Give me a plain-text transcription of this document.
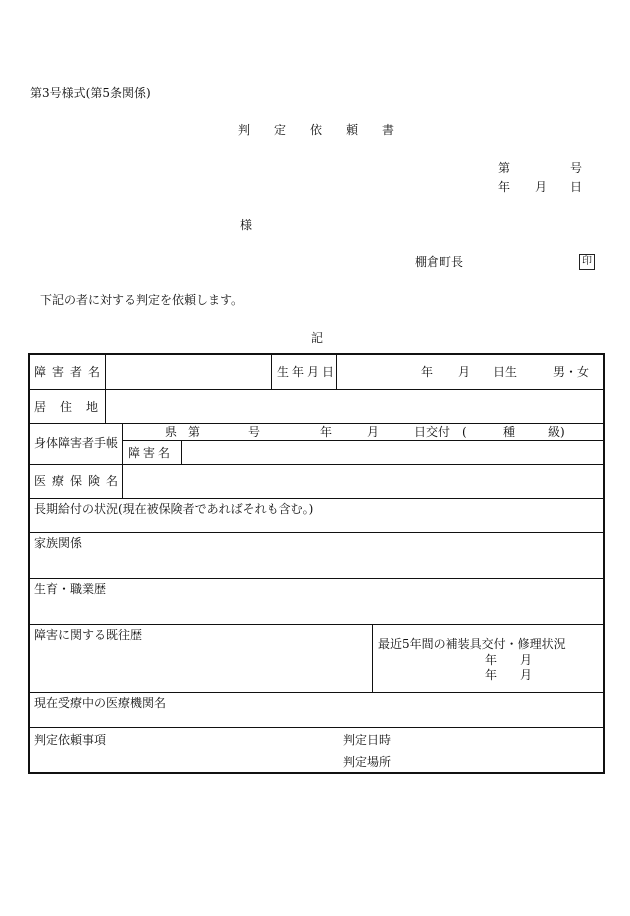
第3号様式(第5条関係)
判　　定　　依　　頼　　書
第	号
年 月 日
様
棚倉町長	印
下記の者に対する判定を依頼します。
記
障害者名	生年月日	年 月 日生	男・女
居住地
身体障害者手帳
県 第	号	年	月	日交付 (	種	級)
障害名
医療保険名
長期給付の状況(現在被保険者であればそれも含む。)
家族関係
生育・職業歴
障害に関する既往歴
最近5年間の補装具交付・修理状況
年 月
年 月
現在受療中の医療機関名
判定依頼事項	判定日時
判定場所
